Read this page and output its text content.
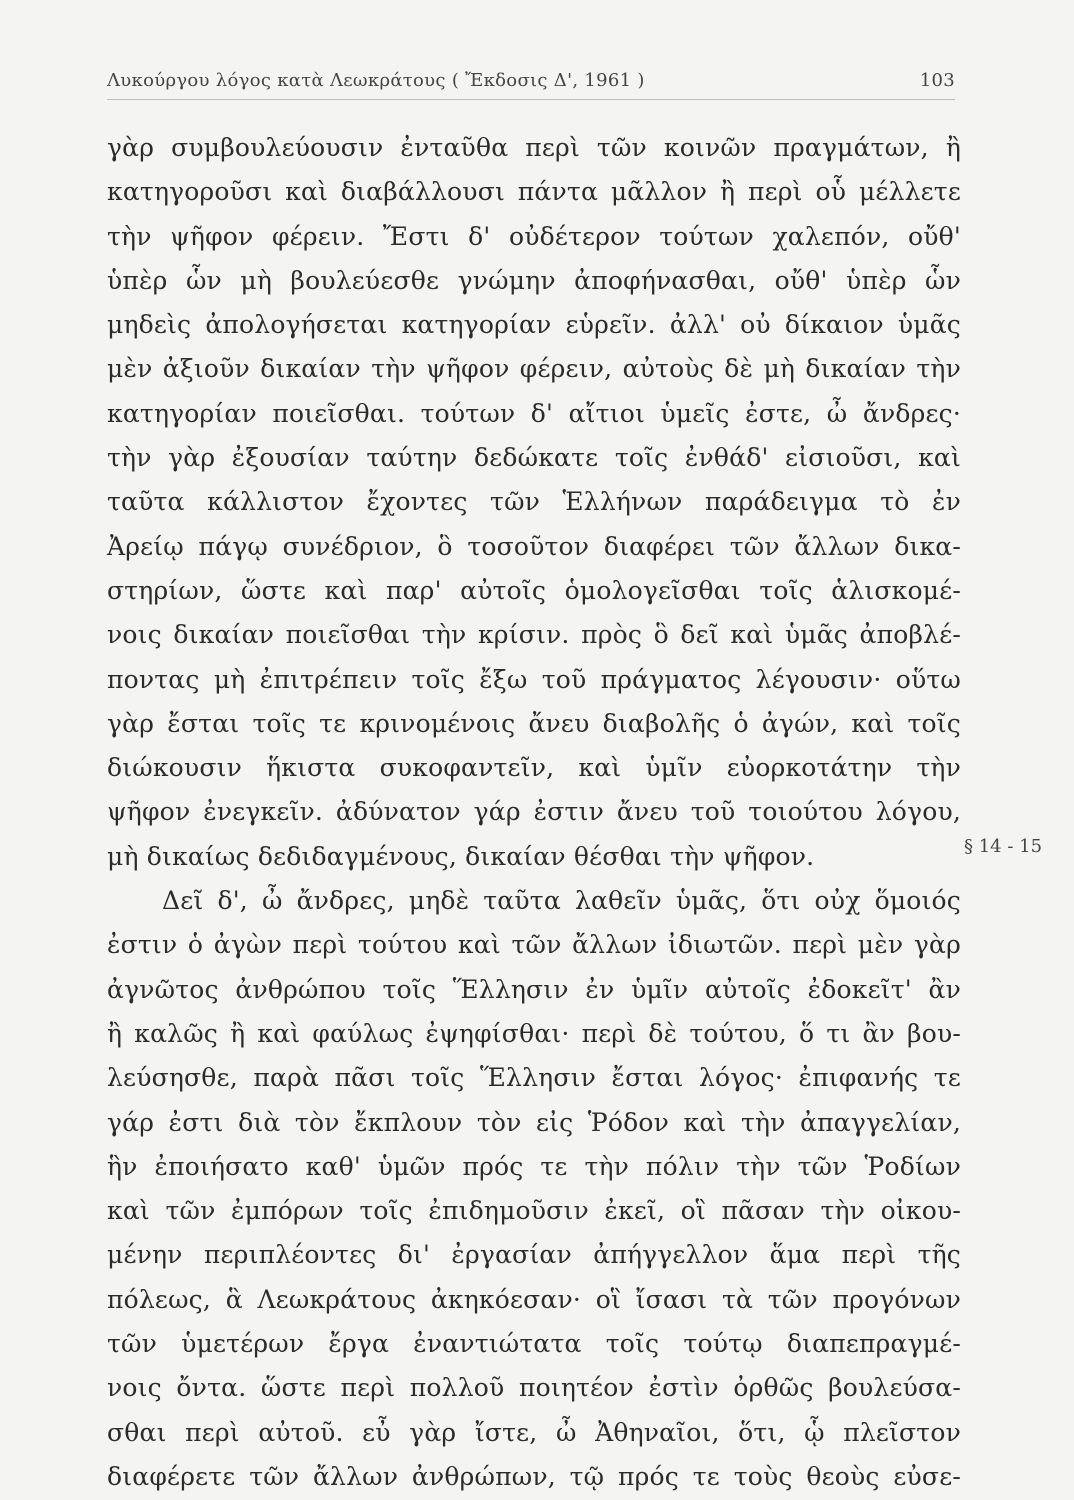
Λυκούργου λόγος κατὰ Λεωκράτους ( Ἔκδοσις Δ', 1961 )	103
γὰρ συμβουλεύουσιν ἐνταῦθα περὶ τῶν κοινῶν πραγμάτων, ἢ
κατηγοροῦσι καὶ διαβάλλουσι πάντα μᾶλλον ἢ περὶ οὗ μέλλετε
τὴν ψῆφον φέρειν. Ἔστι δ' οὐδέτερον τούτων χαλεπόν, οὔθ'
ὑπὲρ ὧν μὴ βουλεύεσθε γνώμην ἀποφήνασθαι, οὔθ' ὑπὲρ ὧν
μηδεὶς ἀπολογήσεται κατηγορίαν εὑρεῖν. ἀλλ' οὐ δίκαιον ὑμᾶς
μὲν ἀξιοῦν δικαίαν τὴν ψῆφον φέρειν, αὐτοὺς δὲ μὴ δικαίαν τὴν
κατηγορίαν ποιεῖσθαι. τούτων δ' αἴτιοι ὑμεῖς ἐστε, ὦ ἄνδρες·
τὴν γὰρ ἐξουσίαν ταύτην δεδώκατε τοῖς ἐνθάδ' εἰσιοῦσι, καὶ
ταῦτα κάλλιστον ἔχοντες τῶν Ἑλλήνων παράδειγμα τὸ ἐν
Ἀρείῳ πάγῳ συνέδριον, ὃ τοσοῦτον διαφέρει τῶν ἄλλων δικα-
στηρίων, ὥστε καὶ παρ' αὐτοῖς ὁμολογεῖσθαι τοῖς ἁλισκομέ-
νοις δικαίαν ποιεῖσθαι τὴν κρίσιν. πρὸς ὃ δεῖ καὶ ὑμᾶς ἀποβλέ-
ποντας μὴ ἐπιτρέπειν τοῖς ἔξω τοῦ πράγματος λέγουσιν· οὕτω
γὰρ ἔσται τοῖς τε κρινομένοις ἄνευ διαβολῆς ὁ ἀγών, καὶ τοῖς
διώκουσιν ἥκιστα συκοφαντεῖν, καὶ ὑμῖν εὐορκοτάτην τὴν
ψῆφον ἐνεγκεῖν. ἀδύνατον γάρ ἐστιν ἄνευ τοῦ τοιούτου λόγου,
μὴ δικαίως δεδιδαγμένους, δικαίαν θέσθαι τὴν ψῆφον.
Δεῖ δ', ὦ ἄνδρες, μηδὲ ταῦτα λαθεῖν ὑμᾶς, ὅτι οὐχ ὅμοιός
ἐστιν ὁ ἀγὼν περὶ τούτου καὶ τῶν ἄλλων ἰδιωτῶν. περὶ μὲν γὰρ
ἀγνῶτος ἀνθρώπου τοῖς Ἕλλησιν ἐν ὑμῖν αὐτοῖς ἐδοκεῖτ' ἂν
ἢ καλῶς ἢ καὶ φαύλως ἐψηφίσθαι· περὶ δὲ τούτου, ὅ τι ἂν βου-
λεύσησθε, παρὰ πᾶσι τοῖς Ἕλλησιν ἔσται λόγος· ἐπιφανής τε
γάρ ἐστι διὰ τὸν ἔκπλουν τὸν εἰς Ῥόδον καὶ τὴν ἀπαγγελίαν,
ἣν ἐποιήσατο καθ' ὑμῶν πρός τε τὴν πόλιν τὴν τῶν Ῥοδίων
καὶ τῶν ἐμπόρων τοῖς ἐπιδημοῦσιν ἐκεῖ, οἳ πᾶσαν τὴν οἰκου-
μένην περιπλέοντες δι' ἐργασίαν ἀπήγγελλον ἅμα περὶ τῆς
πόλεως, ἃ Λεωκράτους ἀκηκόεσαν· οἳ ἴσασι τὰ τῶν προγόνων
τῶν ὑμετέρων ἔργα ἐναντιώτατα τοῖς τούτῳ διαπεπραγμέ-
νοις ὄντα. ὥστε περὶ πολλοῦ ποιητέον ἐστὶν ὀρθῶς βουλεύσα-
σθαι περὶ αὐτοῦ. εὖ γὰρ ἴστε, ὦ Ἀθηναῖοι, ὅτι, ᾧ πλεῖστον
διαφέρετε τῶν ἄλλων ἀνθρώπων, τῷ πρός τε τοὺς θεοὺς εὐσε-
§ 14 - 15
